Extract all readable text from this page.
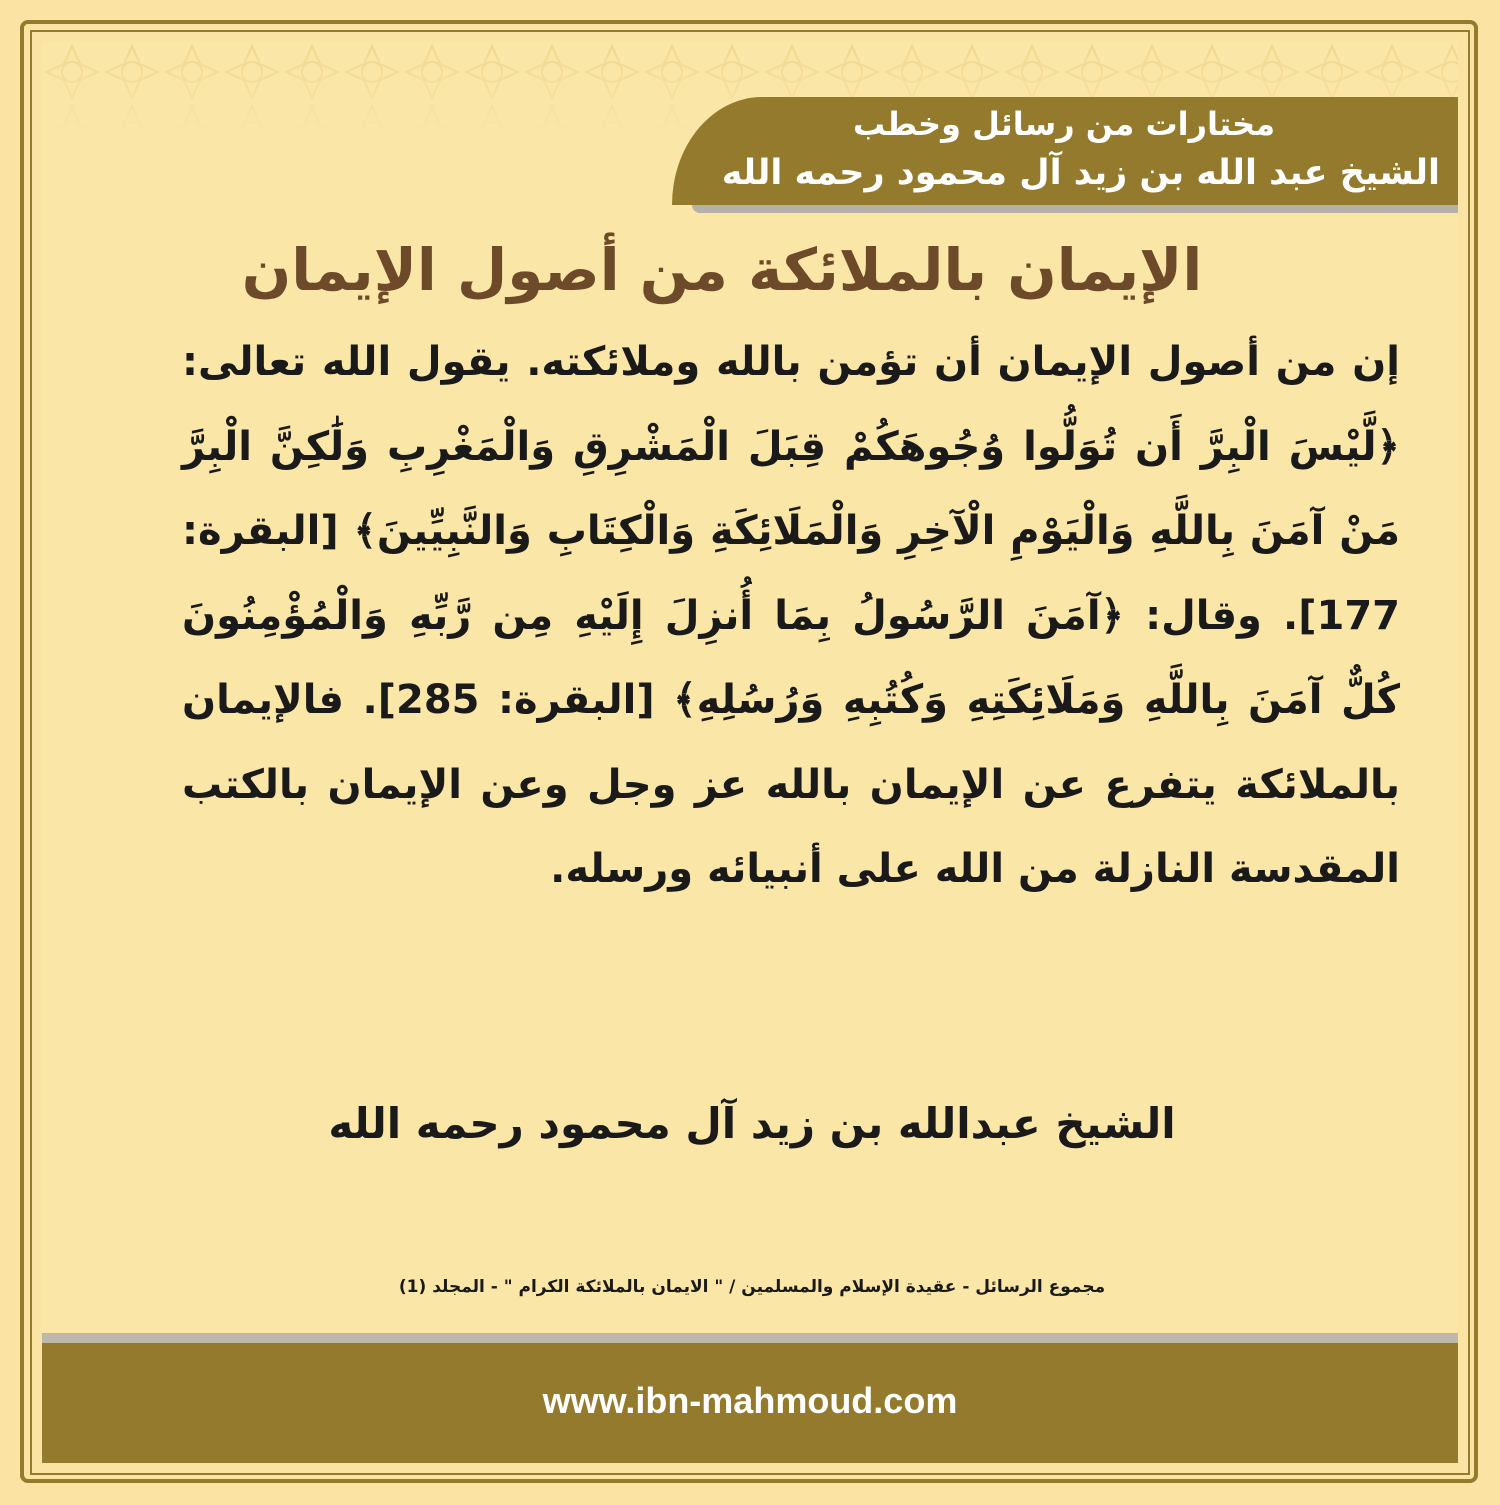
مختارات من رسائل وخطب
الشيخ عبد الله بن زيد آل محمود رحمه الله
الإيمان بالملائكة من أصول الإيمان
إن من أصول الإيمان أن تؤمن بالله وملائكته. يقول الله تعالى: ﴿لَّيْسَ الْبِرَّ أَن تُوَلُّوا وُجُوهَكُمْ قِبَلَ الْمَشْرِقِ وَالْمَغْرِبِ وَلَٰكِنَّ الْبِرَّ مَنْ آمَنَ بِاللَّهِ وَالْيَوْمِ الْآخِرِ وَالْمَلَائِكَةِ وَالْكِتَابِ وَالنَّبِيِّينَ﴾ [البقرة: 177]. وقال: ﴿آمَنَ الرَّسُولُ بِمَا أُنزِلَ إِلَيْهِ مِن رَّبِّهِ وَالْمُؤْمِنُونَ كُلٌّ آمَنَ بِاللَّهِ وَمَلَائِكَتِهِ وَكُتُبِهِ وَرُسُلِهِ﴾ [البقرة: 285]. فالإيمان بالملائكة يتفرع عن الإيمان بالله عز وجل وعن الإيمان بالكتب المقدسة النازلة من الله على أنبيائه ورسله.
الشيخ عبدالله بن زيد آل محمود رحمه الله
مجموع الرسائل - عقيدة الإسلام والمسلمين / " الايمان بالملائكة الكرام " - المجلد (1)
www.ibn-mahmoud.com
